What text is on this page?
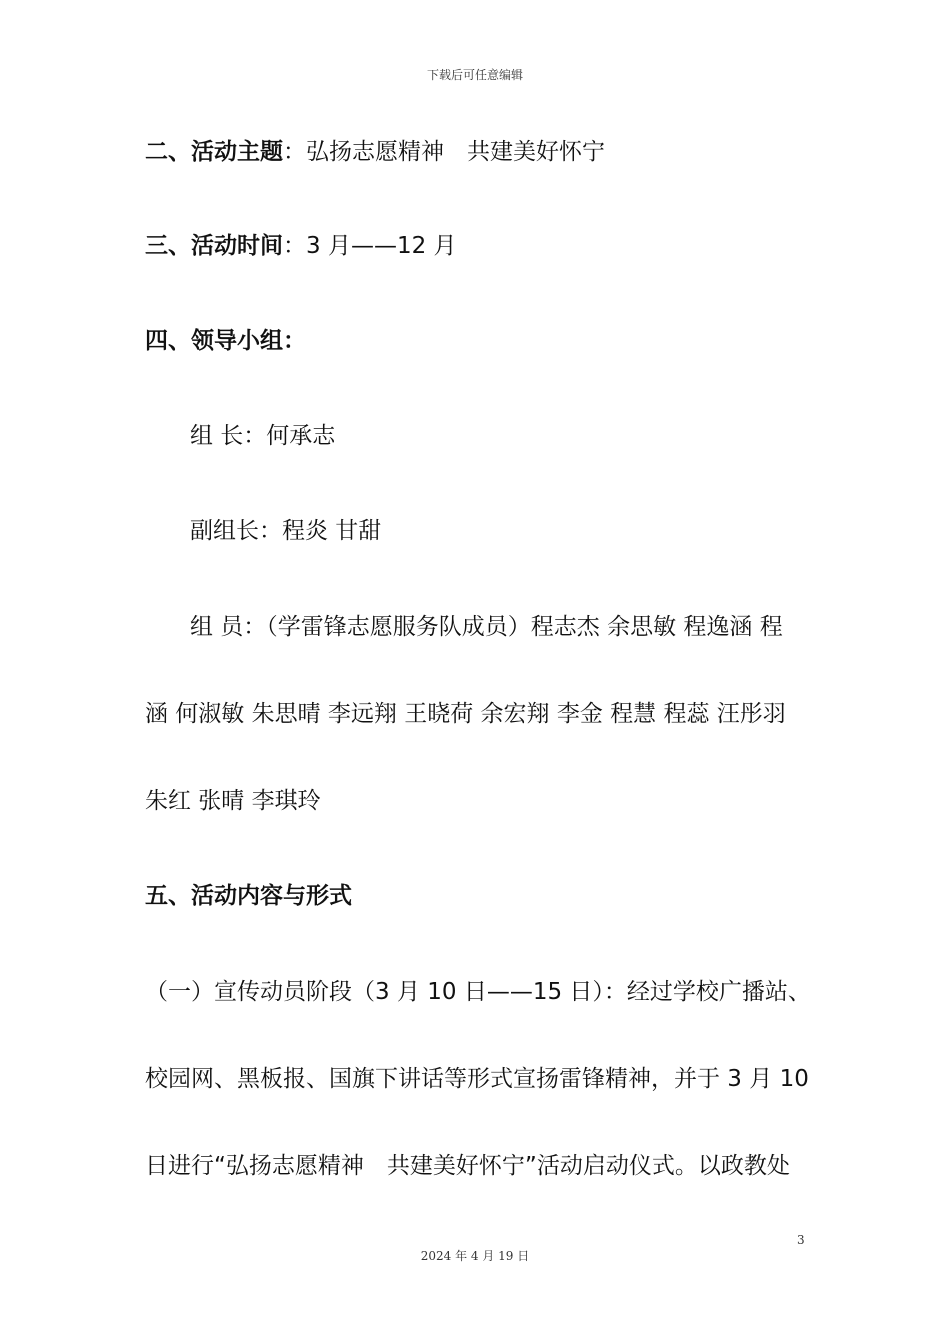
下载后可任意编辑
二、活动主题：弘扬志愿精神　共建美好怀宁
三、活动时间：3 月——12 月
四、领导小组：
组 长：何承志
副组长：程炎 甘甜
组 员：（学雷锋志愿服务队成员）程志杰 余思敏 程逸涵 程
涵 何淑敏 朱思晴 李远翔 王晓荷 余宏翔 李金 程慧 程蕊 汪彤羽
朱红 张晴 李琪玲
五、活动内容与形式
（一）宣传动员阶段（3 月 10 日——15 日）：经过学校广播站、
校园网、黑板报、国旗下讲话等形式宣扬雷锋精神，并于 3 月 10
日进行“弘扬志愿精神　共建美好怀宁”活动启动仪式。以政教处
3
2024 年 4 月 19 日
